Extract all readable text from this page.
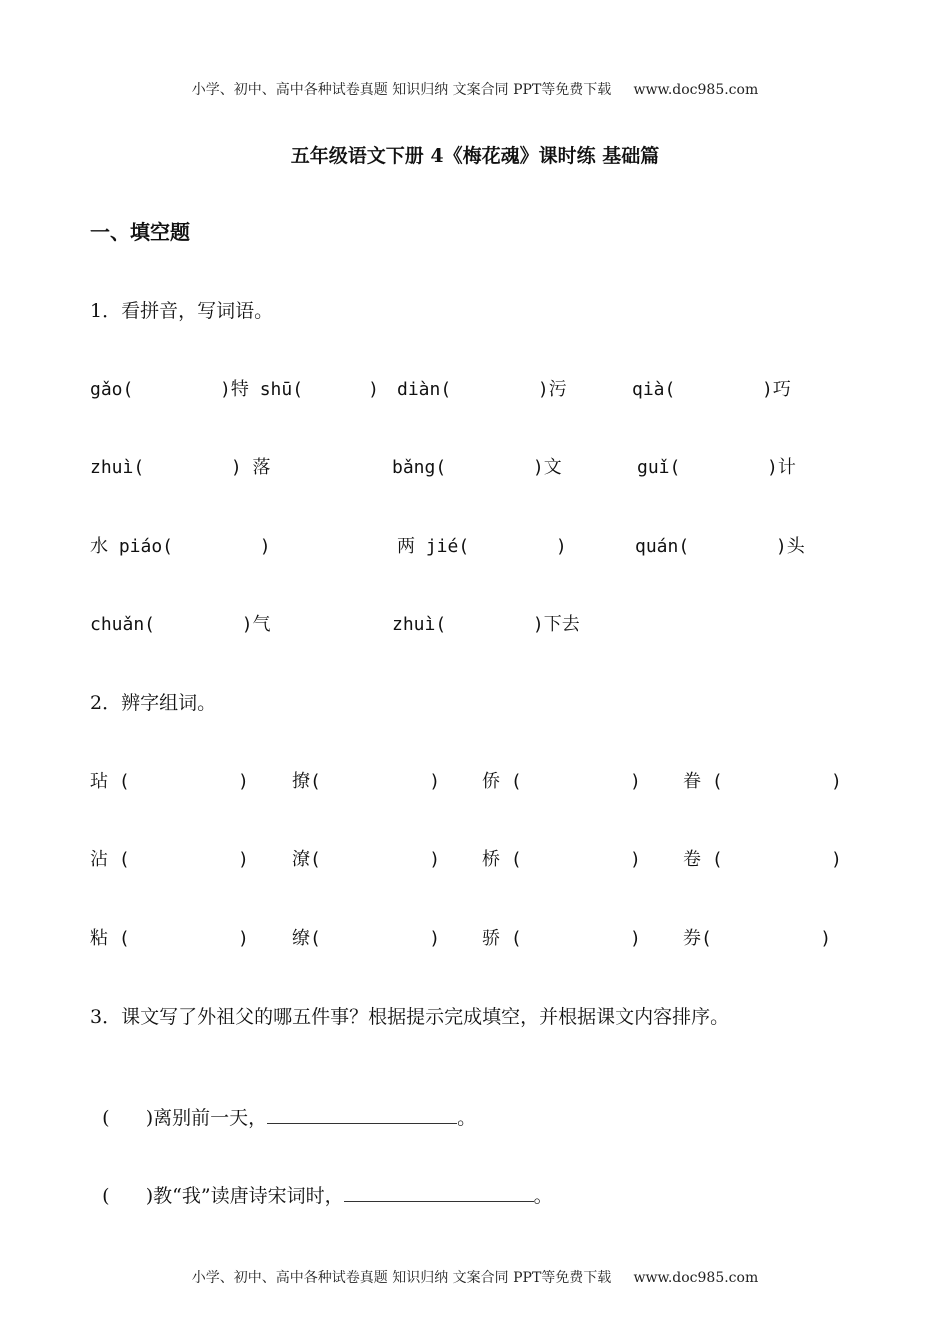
小学、初中、高中各种试卷真题 知识归纳 文案合同 PPT等免费下载     www.doc985.com
五年级语文下册 4《梅花魂》课时练 基础篇
一、填空题
1．看拼音，写词语。
gǎo(        )特 shū(      ) diàn(        )污	qià(        )巧
zhuì(        ) 落	bǎng(        )文	guǐ(        )计
水 piáo(        )	两 jié(        )	quán(        )头
chuǎn(        )气	zhuì(        )下去
2．辨字组词。
玷 (          ) 撩(          ) 侨 (          ) 眷 (          )
沾 (          ) 潦(          ) 桥 (          ) 卷 (          )
粘 (          ) 缭(          ) 骄 (          ) 券(          )
3．课文写了外祖父的哪五件事？根据提示完成填空，并根据课文内容排序。

(      )离别前一天，	。

(      )教“我”读唐诗宋词时，	。

小学、初中、高中各种试卷真题 知识归纳 文案合同 PPT等免费下载     www.doc985.com
